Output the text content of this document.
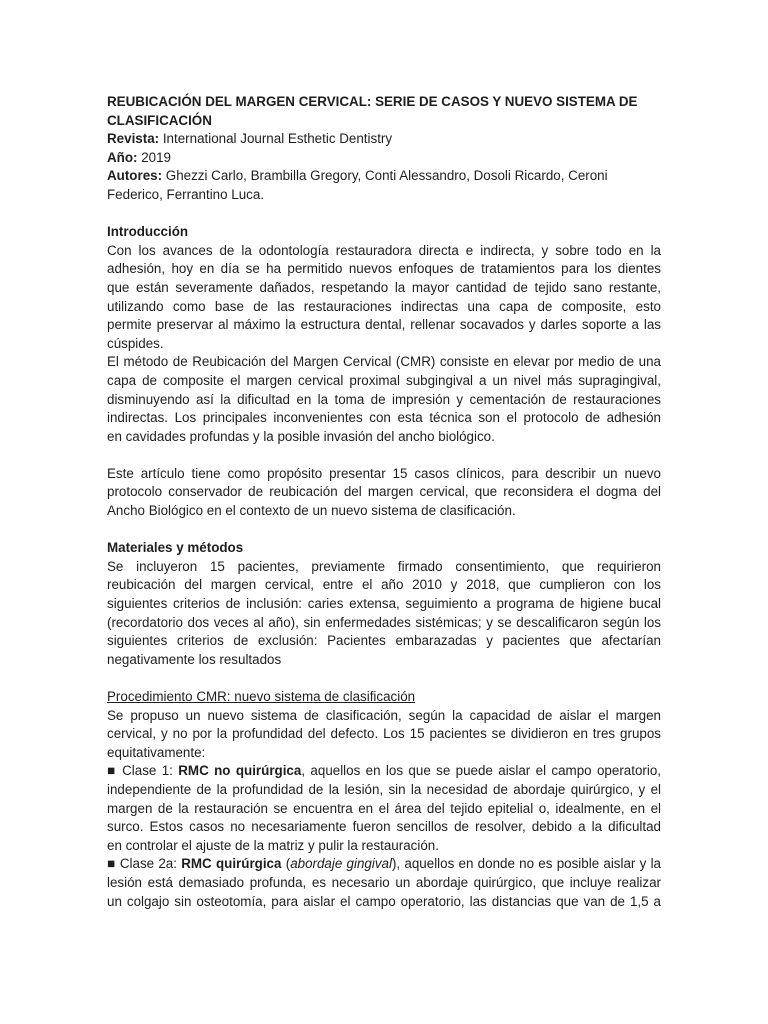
REUBICACIÓN DEL MARGEN CERVICAL: SERIE DE CASOS Y NUEVO SISTEMA DE
CLASIFICACIÓN
Revista: International Journal Esthetic Dentistry
Año: 2019
Autores: Ghezzi Carlo, Brambilla Gregory, Conti Alessandro, Dosoli Ricardo, Ceroni
Federico, Ferrantino Luca.
Introducción
Con los avances de la odontología restauradora directa e indirecta, y sobre todo en la
adhesión, hoy en día se ha permitido nuevos enfoques de tratamientos para los dientes
que están severamente dañados, respetando la mayor cantidad de tejido sano restante,
utilizando como base de las restauraciones indirectas una capa de composite, esto
permite preservar al máximo la estructura dental, rellenar socavados y darles soporte a las
cúspides.
El método de Reubicación del Margen Cervical (CMR) consiste en elevar por medio de una
capa de composite el margen cervical proximal subgingival a un nivel más supragingival,
disminuyendo así la dificultad en la toma de impresión y cementación de restauraciones
indirectas. Los principales inconvenientes con esta técnica son el protocolo de adhesión
en cavidades profundas y la posible invasión del ancho biológico.
Este artículo tiene como propósito presentar 15 casos clínicos, para describir un nuevo
protocolo conservador de reubicación del margen cervical, que reconsidera el dogma del
Ancho Biológico en el contexto de un nuevo sistema de clasificación.
Materiales y métodos
Se incluyeron 15 pacientes, previamente firmado consentimiento, que requirieron
reubicación del margen cervical, entre el año 2010 y 2018, que cumplieron con los
siguientes criterios de inclusión: caries extensa, seguimiento a programa de higiene bucal
(recordatorio dos veces al año), sin enfermedades sistémicas; y se descalificaron según los
siguientes criterios de exclusión: Pacientes embarazadas y pacientes que afectarían
negativamente los resultados
Procedimiento CMR: nuevo sistema de clasificación
Se propuso un nuevo sistema de clasificación, según la capacidad de aislar el margen
cervical, y no por la profundidad del defecto. Los 15 pacientes se dividieron en tres grupos
equitativamente:
■ Clase 1: RMC no quirúrgica, aquellos en los que se puede aislar el campo operatorio,
independiente de la profundidad de la lesión, sin la necesidad de abordaje quirúrgico, y el
margen de la restauración se encuentra en el área del tejido epitelial o, idealmente, en el
surco. Estos casos no necesariamente fueron sencillos de resolver, debido a la dificultad
en controlar el ajuste de la matriz y pulir la restauración.
■ Clase 2a: RMC quirúrgica (abordaje gingival), aquellos en donde no es posible aislar y la
lesión está demasiado profunda, es necesario un abordaje quirúrgico, que incluye realizar
un colgajo sin osteotomía, para aislar el campo operatorio, las distancias que van de 1,5 a
